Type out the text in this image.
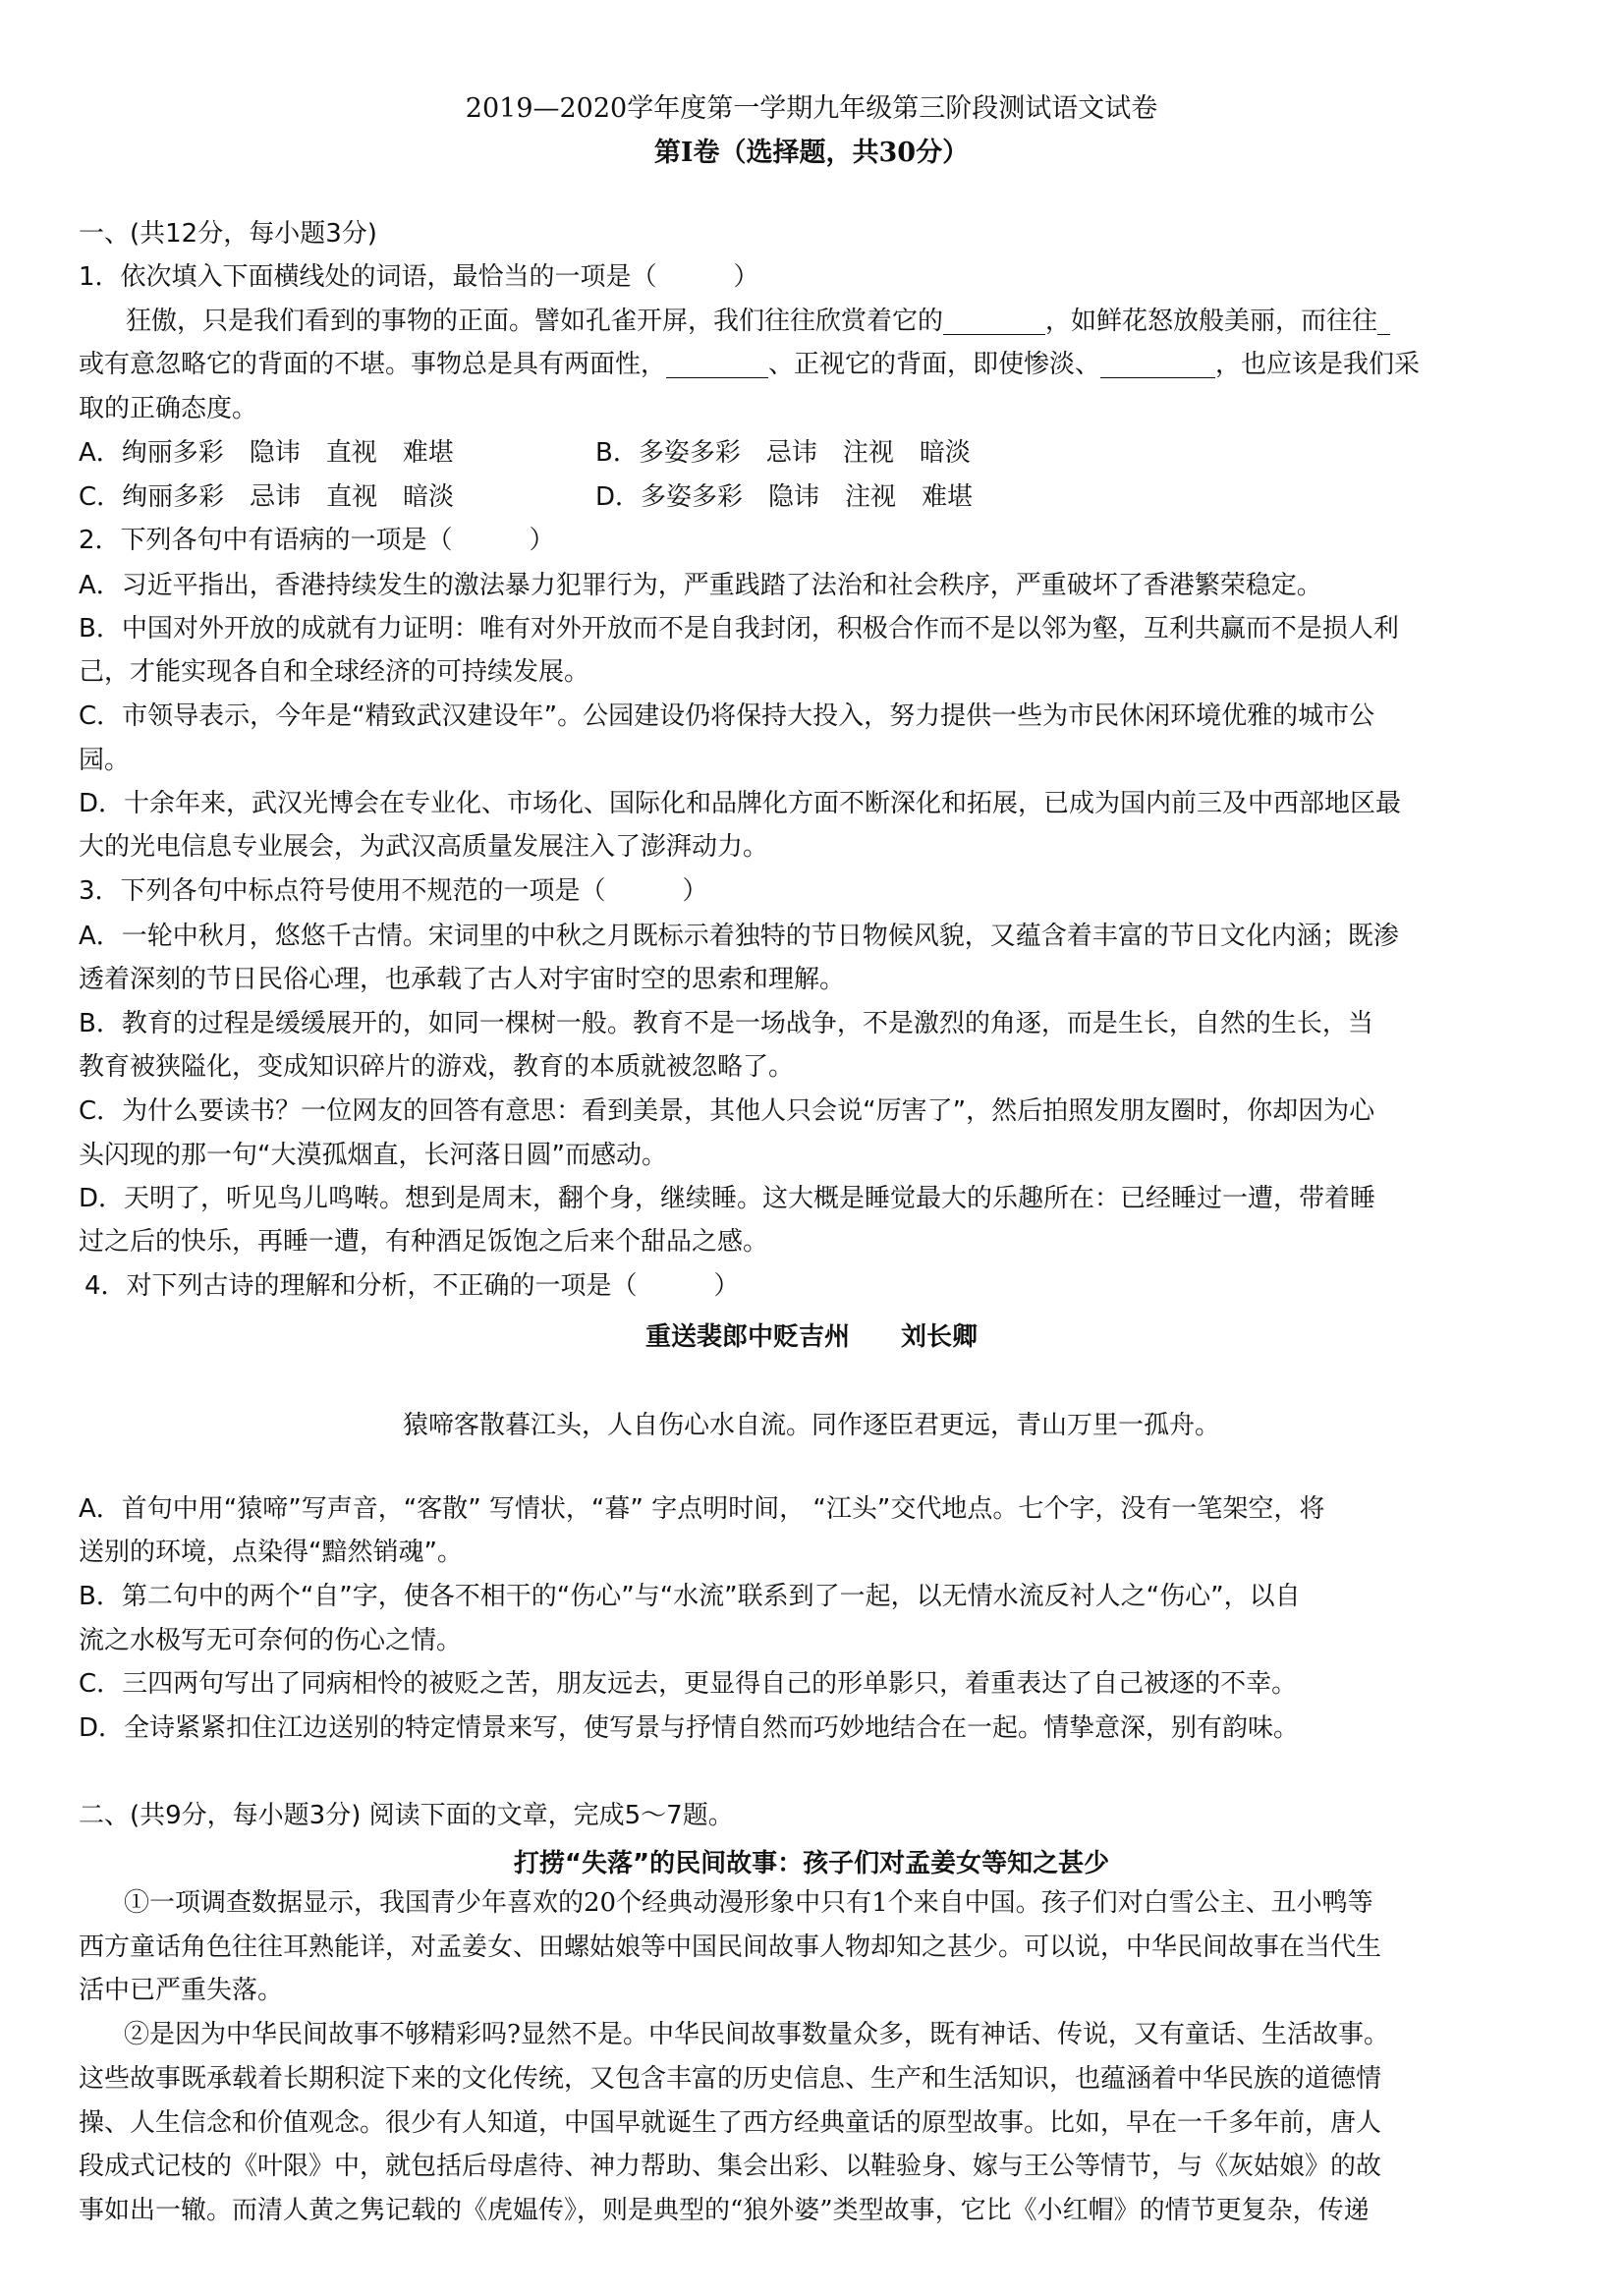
2019—2020学年度第一学期九年级第三阶段测试语文试卷
第Ⅰ卷（选择题，共30分）
一、(共12分，每小题3分)
1．依次填入下面横线处的词语，最恰当的一项是（　　　）
狂傲，只是我们看到的事物的正面。譬如孔雀开屏，我们往往欣赏着它的________，如鲜花怒放般美丽，而往往_
或有意忽略它的背面的不堪。事物总是具有两面性，________、正视它的背面，即使惨淡、_________，也应该是我们采
取的正确态度。
A．绚丽多彩　隐讳　直视　难堪	B．多姿多彩　忌讳　注视　暗淡
C．绚丽多彩　忌讳　直视　暗淡	D．多姿多彩　隐讳　注视　难堪
2．下列各句中有语病的一项是（　　　）
A．习近平指出，香港持续发生的激法暴力犯罪行为，严重践踏了法治和社会秩序，严重破坏了香港繁荣稳定。
B．中国对外开放的成就有力证明：唯有对外开放而不是自我封闭，积极合作而不是以邻为壑，互利共赢而不是损人利
己，才能实现各自和全球经济的可持续发展。
C．市领导表示，今年是“精致武汉建设年”。公园建设仍将保持大投入，努力提供一些为市民休闲环境优雅的城市公
园。
D．十余年来，武汉光博会在专业化、市场化、国际化和品牌化方面不断深化和拓展，已成为国内前三及中西部地区最
大的光电信息专业展会，为武汉高质量发展注入了澎湃动力。
3．下列各句中标点符号使用不规范的一项是（　　　）
A．一轮中秋月，悠悠千古情。宋词里的中秋之月既标示着独特的节日物候风貌，又蕴含着丰富的节日文化内涵；既渗
透着深刻的节日民俗心理，也承载了古人对宇宙时空的思索和理解。
B．教育的过程是缓缓展开的，如同一棵树一般。教育不是一场战争，不是激烈的角逐，而是生长，自然的生长，当
教育被狭隘化，变成知识碎片的游戏，教育的本质就被忽略了。
C．为什么要读书？一位网友的回答有意思：看到美景，其他人只会说“厉害了”，然后拍照发朋友圈时，你却因为心
头闪现的那一句“大漠孤烟直，长河落日圆”而感动。
D．天明了，听见鸟儿鸣啭。想到是周末，翻个身，继续睡。这大概是睡觉最大的乐趣所在：已经睡过一遭，带着睡
过之后的快乐，再睡一遭，有种酒足饭饱之后来个甜品之感。
4．对下列古诗的理解和分析，不正确的一项是（　　　）
重送裴郎中贬吉州　　刘长卿
猿啼客散暮江头，人自伤心水自流。同作逐臣君更远，青山万里一孤舟。
A．首句中用“猿啼”写声音，“客散” 写情状，“暮” 字点明时间， “江头”交代地点。七个字，没有一笔架空，将
送别的环境，点染得“黯然销魂”。
B．第二句中的两个“自”字，使各不相干的“伤心”与“水流”联系到了一起，以无情水流反衬人之“伤心”，以自
流之水极写无可奈何的伤心之情。
C．三四两句写出了同病相怜的被贬之苦，朋友远去，更显得自己的形单影只，着重表达了自己被逐的不幸。
D．全诗紧紧扣住江边送别的特定情景来写，使写景与抒情自然而巧妙地结合在一起。情挚意深，别有韵味。
二、(共9分，每小题3分) 阅读下面的文章，完成5～7题。
打捞“失落”的民间故事：孩子们对孟姜女等知之甚少
①一项调查数据显示，我国青少年喜欢的20个经典动漫形象中只有1个来自中国。孩子们对白雪公主、丑小鸭等
西方童话角色往往耳熟能详，对孟姜女、田螺姑娘等中国民间故事人物却知之甚少。可以说，中华民间故事在当代生
活中已严重失落。
②是因为中华民间故事不够精彩吗?显然不是。中华民间故事数量众多，既有神话、传说，又有童话、生活故事。
这些故事既承载着长期积淀下来的文化传统，又包含丰富的历史信息、生产和生活知识，也蕴涵着中华民族的道德情
操、人生信念和价值观念。很少有人知道，中国早就诞生了西方经典童话的原型故事。比如，早在一千多年前，唐人
段成式记枝的《叶限》中，就包括后母虐待、神力帮助、集会出彩、以鞋验身、嫁与王公等情节，与《灰姑娘》的故
事如出一辙。而清人黄之隽记载的《虎媪传》，则是典型的“狼外婆”类型故事，它比《小红帽》的情节更复杂，传递
